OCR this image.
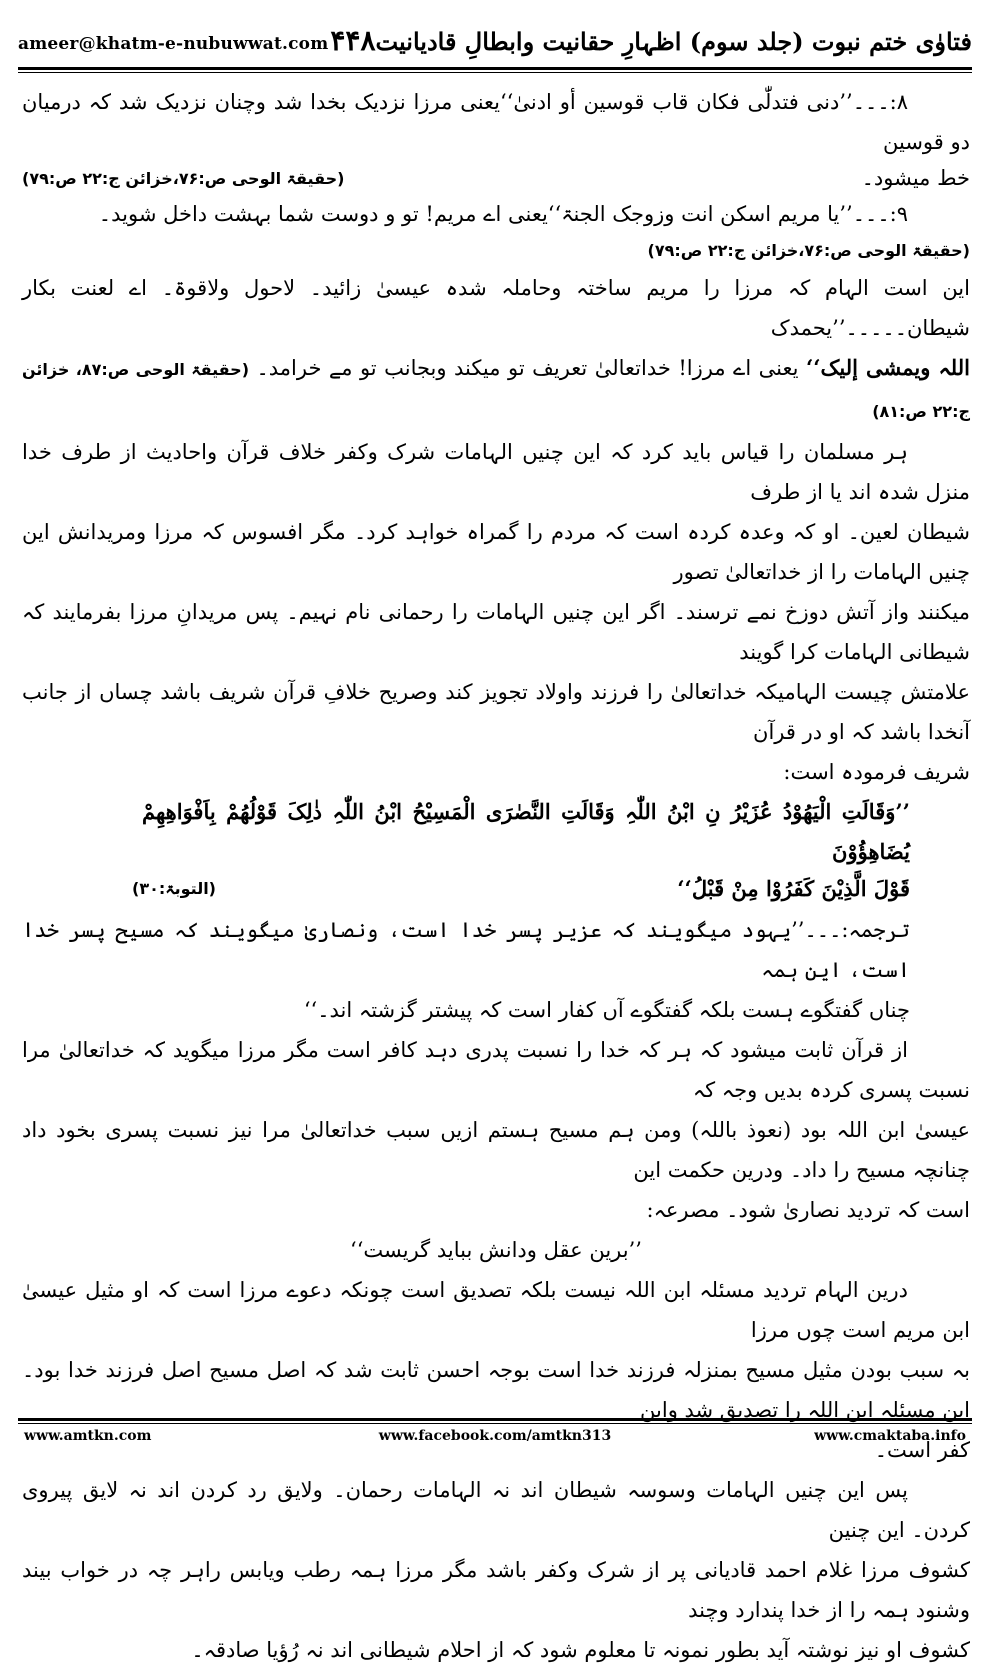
ameer@khatm-e-nubuwwat.com	فتاوٰی ختم نبوت (جلد سوم) اظہارِ حقانیت وابطالِ قادیانیت۴۴۸
۸:۔۔۔’’دنی فتدلّٰی فکان قاب قوسین أو ادنیٰ‘‘یعنی مرزا نزدیک بخدا شد وچنان نزدیک شد کہ درمیان دو قوسین
خط میشود۔
(حقیقۃ الوحی ص:۷۶،خزائن ج:۲۲ ص:۷۹)
۹:۔۔۔’’یا مریم اسکن انت وزوجک الجنۃ‘‘یعنی اے مریم! تو و دوست شما بہشت داخل شوید۔
(حقیقۃ الوحی ص:۷۶،خزائن ج:۲۲ ص:۷۹)
این است الہام کہ مرزا را مریم ساختہ وحاملہ شدہ عیسیٰ زائید۔ لاحول ولاقوۃ۔ اے لعنت بکار شیطان۔۔۔۔۔’’یحمدک
اللہ ویمشی إلیک‘‘ یعنی اے مرزا! خداتعالیٰ تعریف تو میکند وبجانب تو مے خرامد۔ (حقیقۃ الوحی ص:۸۷، خزائن ج:۲۲ ص:۸۱)
ہر مسلمان را قیاس باید کرد کہ این چنیں الہامات شرک وکفر خلاف قرآن واحادیث از طرف خدا منزل شدہ اند یا از طرف
شیطان لعین۔ او کہ وعدہ کردہ است کہ مردم را گمراہ خواہد کرد۔ مگر افسوس کہ مرزا ومریدانش این چنیں الہامات را از خداتعالیٰ تصور
میکنند واز آتش دوزخ نمے ترسند۔ اگر این چنیں الہامات را رحمانی نام نہیم۔ پس مریدانِ مرزا بفرمایند کہ شیطانی الہامات کرا گویند
علامتش چیست الہامیکہ خداتعالیٰ را فرزند واولاد تجویز کند وصریح خلافِ قرآن شریف باشد چساں از جانب آنخدا باشد کہ او در قرآن
شریف فرمودہ است:
’’وَقَالَتِ الْیَھُوْدُ عُزَیْرُ نِ ابْنُ اللّٰہِ وَقَالَتِ النَّصٰرَی الْمَسِیْحُ ابْنُ اللّٰہِ ذٰلِکَ قَوْلُھُمْ بِاَفْوَاھِھِمْ یُضَاھِؤُوْنَ
قَوْلَ الَّذِیْنَ کَفَرُوْا مِنْ قَبْلُ‘‘
(التوبۃ:۳۰)
ترجمہ:۔۔۔’’یہود میگویند کہ عزیر پسر خدا است، ونصاریٰ میگویند کہ مسیح پسر خدا است، این ہمہ
چناں گفتگوے ہست بلکہ گفتگوے آں کفار است کہ پیشتر گزشتہ اند۔‘‘
از قرآن ثابت میشود کہ ہر کہ خدا را نسبت پدری دہد کافر است مگر مرزا میگوید کہ خداتعالیٰ مرا نسبت پسری کردہ بدیں وجہ کہ
عیسیٰ ابن اللہ بود (نعوذ باللہ) ومن ہم مسیح ہستم ازیں سبب خداتعالیٰ مرا نیز نسبت پسری بخود داد چنانچہ مسیح را داد۔ ودرین حکمت این
است کہ تردید نصاریٰ شود۔ مصرعہ:
’’برین عقل ودانش بباید گریست‘‘
درین الہام تردید مسئلہ ابن اللہ نیست بلکہ تصدیق است چونکہ دعوے مرزا است کہ او مثیل عیسیٰ ابن مریم است چوں مرزا
بہ سبب بودن مثیل مسیح بمنزلہ فرزند خدا است بوجہ احسن ثابت شد کہ اصل مسیح اصل فرزند خدا بود۔ این مسئلہ ابن اللہ را تصدیق شد واین
کفر است۔
پس این چنیں الہامات وسوسہ شیطان اند نہ الہامات رحمان۔ ولایق رد کردن اند نہ لایق پیروی کردن۔ این چنین
کشوف مرزا غلام احمد قادیانی پر از شرک وکفر باشد مگر مرزا ہمہ رطب ویابس راہر چہ در خواب بیند وشنود ہمہ را از خدا پندارد وچند
کشوف او نیز نوشتہ آید بطور نمونہ تا معلوم شود کہ از احلام شیطانی اند نہ رُؤیا صادقہ۔
www.amtkn.com	www.facebook.com/amtkn313	www.cmaktaba.info
